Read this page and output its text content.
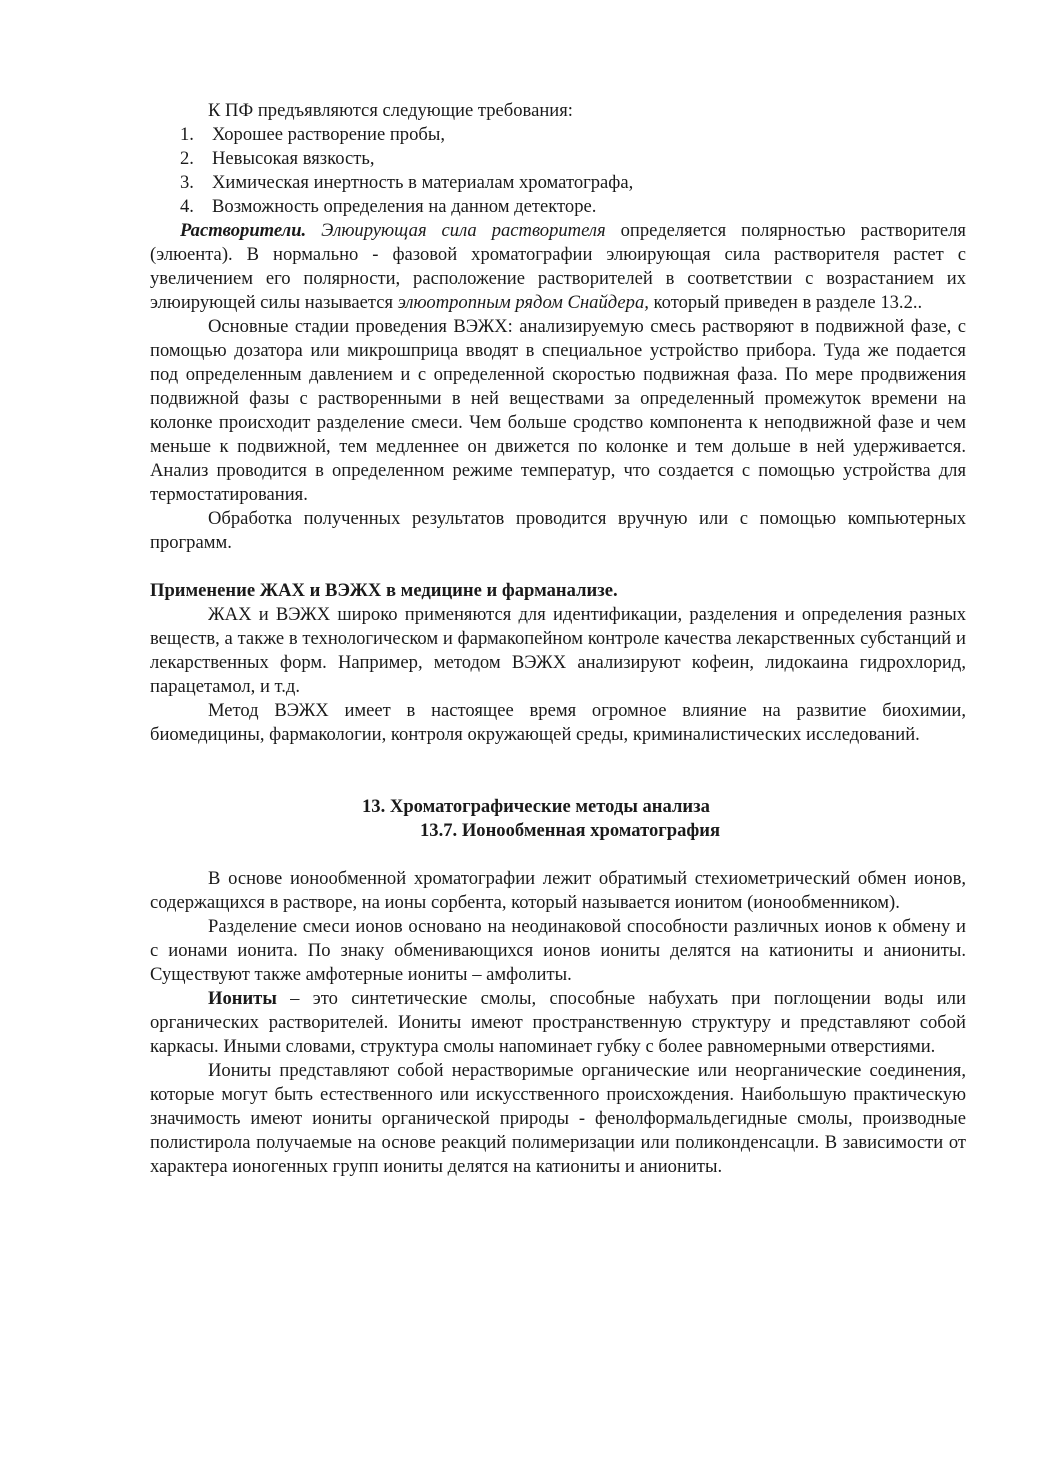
К ПФ предъявляются следующие требования:

1. Хорошее растворение пробы,
2. Невысокая вязкость,
3. Химическая инертность в материалам хроматографа,
4. Возможность определения на данном детекторе.

Растворители. Элюирующая сила растворителя определяется полярностью растворителя (элюента). В нормально - фазовой хроматографии элюирующая сила растворителя растет с увеличением его полярности, расположение растворителей в соответствии с возрастанием их элюирующей силы называется элюотропным рядом Снайдера, который приведен в разделе 13.2..

Основные стадии проведения ВЭЖХ: анализируемую смесь растворяют в подвижной фазе, с помощью дозатора или микрошприца вводят в специальное устройство прибора. Туда же подается под определенным давлением и с определенной скоростью подвижная фаза. По мере продвижения подвижной фазы с растворенными в ней веществами за определенный промежуток времени на колонке происходит разделение смеси. Чем больше сродство компонента к неподвижной фазе и чем меньше к подвижной, тем медленнее он движется по колонке и тем дольше в ней удерживается. Анализ проводится в определенном режиме температур, что создается с помощью устройства для термостатирования.

Обработка полученных результатов проводится вручную или с помощью компьютерных программ.

Применение ЖАХ и ВЭЖХ в медицине и фарманализе.

ЖАХ и ВЭЖХ широко применяются для идентификации, разделения и определения разных веществ, а также в технологическом и фармакопейном контроле качества лекарственных субстанций и лекарственных форм. Например, методом ВЭЖХ анализируют кофеин, лидокаина гидрохлорид, парацетамол, и т.д.

Метод ВЭЖХ имеет в настоящее время огромное влияние на развитие биохимии, биомедицины, фармакологии, контроля окружающей среды, криминалистических исследований.

13. Хроматографические методы анализа

13.7. Ионообменная хроматография

В основе ионообменной хроматографии лежит обратимый стехиометрический обмен ионов, содержащихся в растворе, на ионы сорбента, который называется ионитом (ионообменником).

Разделение смеси ионов основано на неодинаковой способности различных ионов к обмену и с ионами ионита. По знаку обменивающихся ионов иониты делятся на катиониты и аниониты. Существуют также амфотерные иониты – амфолиты.

Иониты – это синтетические смолы, способные набухать при поглощении воды или органических растворителей. Иониты имеют пространственную структуру и представляют собой каркасы. Иными словами, структура смолы напоминает губку с более равномерными отверстиями.

Иониты представляют собой нерастворимые органические или неорганические соединения, которые могут быть естественного или искусственного происхождения. Наибольшую практическую значимость имеют иониты органической природы - фенолформальдегидные смолы, производные полистирола получаемые на основе реакций полимеризации или поликонденсацли. В зависимости от характера ионогенных групп иониты делятся на катиониты и аниониты.
